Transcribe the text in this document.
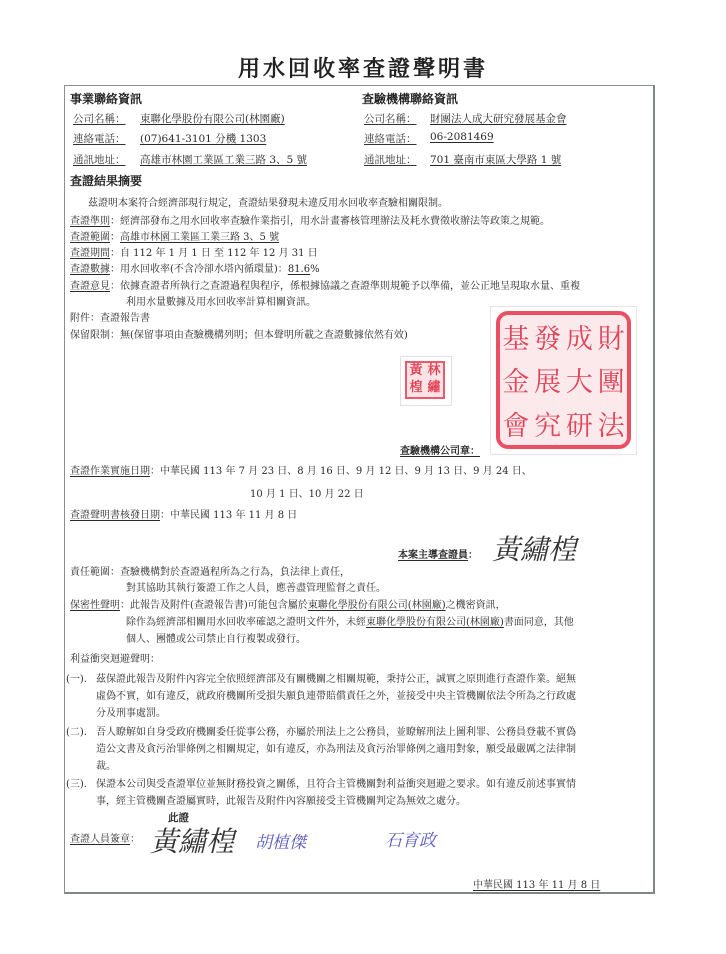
用水回收率查證聲明書
事業聯絡資訊
公司名稱： 東聯化學股份有限公司(林園廠)
連絡電話： (07)641-3101 分機 1303
通訊地址： 高雄市林園工業區工業三路 3、5 號
查驗機構聯絡資訊
公司名稱： 財團法人成大研究發展基金會
連絡電話： 06-2081469
通訊地址： 701 臺南市東區大學路 1 號
查證結果摘要
茲證明本案符合經濟部現行規定，查證結果發現未違反用水回收率查驗相關限制。
查證準則：經濟部發布之用水回收率查驗作業指引，用水計畫審核管理辦法及耗水費徵收辦法等政策之規範。
查證範圍：高雄市林園工業區工業三路 3、5 號
查證期間：自 112 年 1 月 1 日 至 112 年 12 月 31 日
查證數據：用水回收率(不含冷卻水塔內循環量)：81.6%
查證意見：依據查證者所執行之查證過程與程序，係根據協議之查證準則規範予以準備，並公正地呈現取水量、重複
利用水量數據及用水回收率計算相關資訊。
附件：查證報告書
保留限制：無(保留事項由查驗機構列明；但本聲明所載之查證數據依然有效)
黃 林
楻 繡
基 發 成 財
金 展 大 團
會 究 研 法
查驗機構公司章：
查證作業實施日期：中華民國 113 年 7 月 23 日、8 月 16 日、9 月 12 日、9 月 13 日、9 月 24 日、
10 月 1 日、10 月 22 日
查證聲明書核發日期：中華民國 113 年 11 月 8 日
本案主導查證員： 黃繡楻
責任範圍：查驗機構對於查證過程所為之行為，負法律上責任，
對其協助其執行簽證工作之人員，應善盡管理監督之責任。
保密性聲明：此報告及附件(查證報告書)可能包含屬於東聯化學股份有限公司(林園廠)之機密資訊，
除作為經濟部相關用水回收率確認之證明文件外，未經東聯化學股份有限公司(林園廠)書面同意，其他
個人、團體或公司禁止自行複製或發行。
利益衝突迴避聲明：
(一). 茲保證此報告及附件內容完全依照經濟部及有關機關之相關規範，秉持公正，誠實之原則進行查證作業。絕無
虛偽不實，如有違反，就政府機關所受損失願負連帶賠償責任之外，並接受中央主管機關依法令所為之行政處
分及刑事處罰。
(二). 吾人瞭解如自身受政府機關委任從事公務，亦屬於刑法上之公務員，並瞭解刑法上圖利罪、公務員登載不實偽
造公文書及貪污治罪條例之相關規定，如有違反，亦為刑法及貪污治罪條例之適用對象，願受最嚴厲之法律制
裁。
(三). 保證本公司與受查證單位並無財務投資之關係，且符合主管機關對利益衝突迴避之要求。如有違反前述事實情
事，經主管機關查證屬實時，此報告及附件內容願接受主管機關判定為無效之處分。
此證
查證人員簽章： 黃繡楻 胡植傑	石育政
中華民國 113 年 11 月 8 日
